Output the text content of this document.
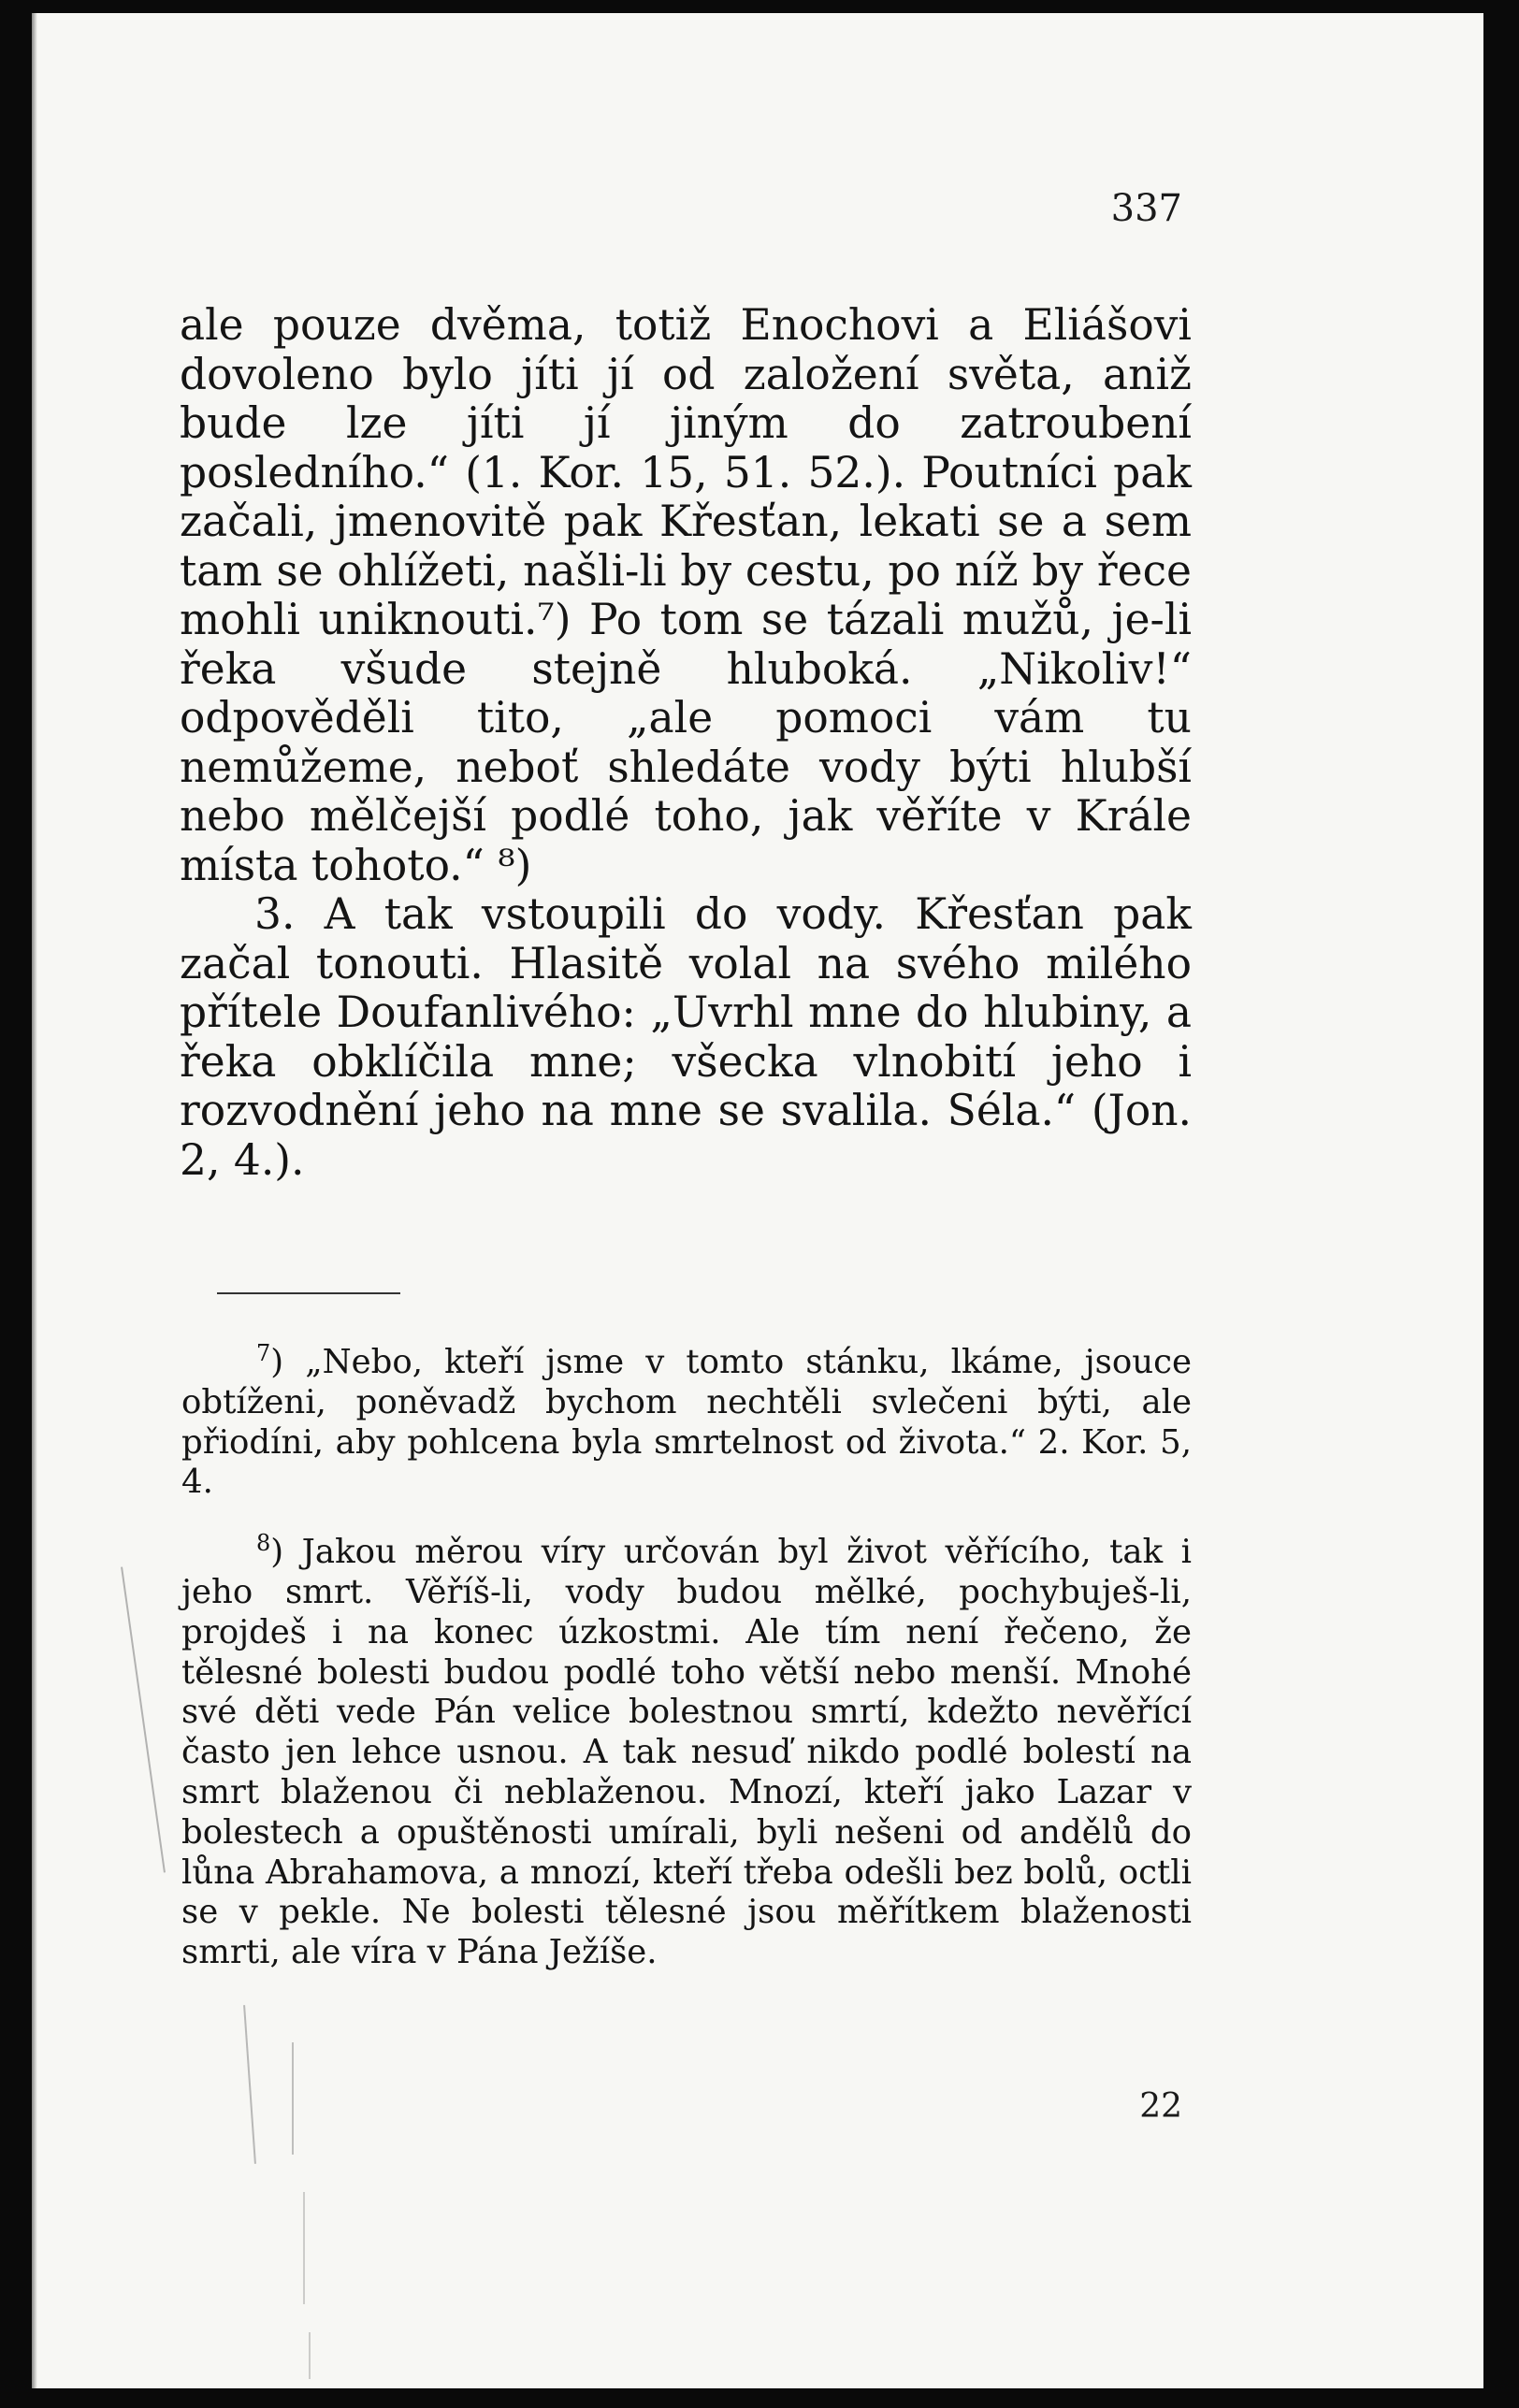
337

ale pouze dvěma, totiž Enochovi a Eliášovi dovoleno bylo jíti jí od založení světa, aniž bude lze jíti jí jiným do zatroubení posledního.“ (1. Kor. 15, 51. 52.). Poutníci pak začali, jmenovitě pak Křesťan, lekati se a sem tam se ohlížeti, našli-li by cestu, po níž by řece mohli uniknouti.⁷) Po tom se tázali mužů, je-li řeka všude stejně hluboká. „Nikoliv!“ odpověděli tito, „ale pomoci vám tu nemůžeme, neboť shledáte vody býti hlubší nebo mělčejší podlé toho, jak věříte v Krále místa tohoto.“ ⁸)

3. A tak vstoupili do vody. Křesťan pak začal tonouti. Hlasitě volal na svého milého přítele Doufanlivého: „Uvrhl mne do hlubiny, a řeka obklíčila mne; všecka vlnobití jeho i rozvodnění jeho na mne se svalila. Séla.“ (Jon. 2, 4.).

$^7$) „Nebo, kteří jsme v tomto stánku, lkáme, jsouce obtíženi, poněvadž bychom nechtěli svlečeni býti, ale přiodíni, aby pohlcena byla smrtelnost od života.“ 2. Kor. 5, 4.

$^8$) Jakou měrou víry určován byl život věřícího, tak i jeho smrt. Věříš-li, vody budou mělké, pochybuješ-li, projdeš i na konec úzkostmi. Ale tím není řečeno, že tělesné bolesti budou podlé toho větší nebo menší. Mnohé své děti vede Pán velice bolestnou smrtí, kdežto nevěřící často jen lehce usnou. A tak nesuď nikdo podlé bolestí na smrt blaženou či neblaženou. Mnozí, kteří jako Lazar v bolestech a opuštěnosti umírali, byli nešeni od andělů do lůna Abrahamova, a mnozí, kteří třeba odešli bez bolů, octli se v pekle. Ne bolesti tělesné jsou měřítkem blaženosti smrti, ale víra v Pána Ježíše.

22
